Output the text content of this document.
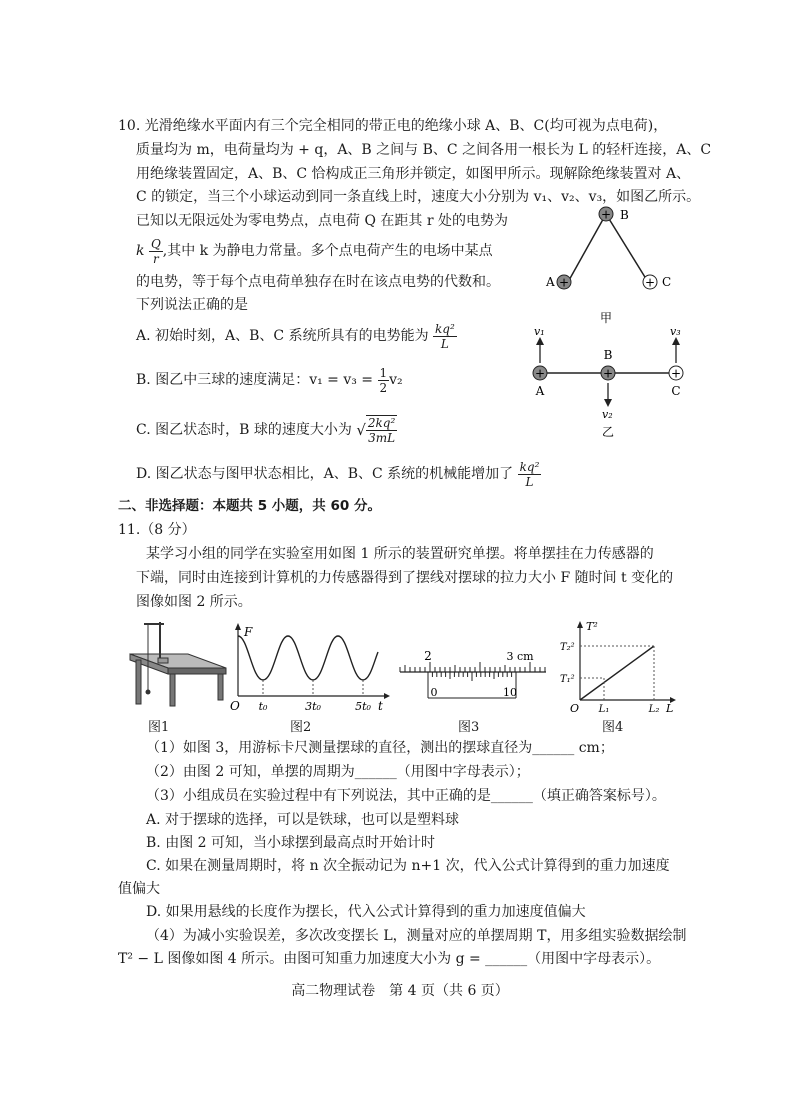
10. 光滑绝缘水平面内有三个完全相同的带正电的绝缘小球 A、B、C(均可视为点电荷)，
质量均为 m，电荷量均为 + q，A、B 之间与 B、C 之间各用一根长为 L 的轻杆连接，A、C
用绝缘装置固定，A、B、C 恰构成正三角形并锁定，如图甲所示。现解除绝缘装置对 A、
C 的锁定，当三个小球运动到同一条直线上时，速度大小分别为 v₁、v₂、v₃，如图乙所示。
已知以无限远处为零电势点，点电荷 Q 在距其 r 处的电势为
k $\frac{Q}{r}$ ,其中 k 为静电力常量。多个点电荷产生的电场中某点
的电势，等于每个点电荷单独存在时在该点电势的代数和。
下列说法正确的是
A. 初始时刻，A、B、C 系统所具有的电势能为 $\frac{\text{kq²}}{L}$
B. 图乙中三球的速度满足：$v_1 = v_3 = \frac{1}{2} v_2$
C. 图乙状态时，B 球的速度大小为 √ $\frac{\text{2kq²}}{3mL}$
D. 图乙状态与图甲状态相比，A、B、C 系统的机械能增加了 $\frac{\text{kq²}}{L}$
+
+	+
B
A	C
甲
+	+	+
v₁	v₃
v₂
B
A	C
乙
二、非选择题：本题共 5 小题，共 60 分。
11.（8 分）
某学习小组的同学在实验室用如图 1 所示的装置研究单摆。将单摆挂在力传感器的
下端，同时由连接到计算机的力传感器得到了摆线对摆球的拉力大小 F 随时间 t 变化的
图像如图 2 所示。
图1
F
O	t
t₀	3t₀	5t₀
图2
2	3 cm
0	10
图3
T²
T₂²
T₁²
O L₁	L₂ L
图4
（1）如图 3，用游标卡尺测量摆球的直径，测出的摆球直径为______ cm；
（2）由图 2 可知，单摆的周期为______（用图中字母表示）；
（3）小组成员在实验过程中有下列说法，其中正确的是______（填正确答案标号）。
A. 对于摆球的选择，可以是铁球，也可以是塑料球
B. 由图 2 可知，当小球摆到最高点时开始计时
C. 如果在测量周期时，将 n 次全振动记为 n+1 次，代入公式计算得到的重力加速度
值偏大
D. 如果用悬线的长度作为摆长，代入公式计算得到的重力加速度值偏大
（4）为减小实验误差，多次改变摆长 L，测量对应的单摆周期 T，用多组实验数据绘制
T² − L 图像如图 4 所示。由图可知重力加速度大小为 g = ______（用图中字母表示）。
高二物理试卷　第 4 页（共 6 页）
